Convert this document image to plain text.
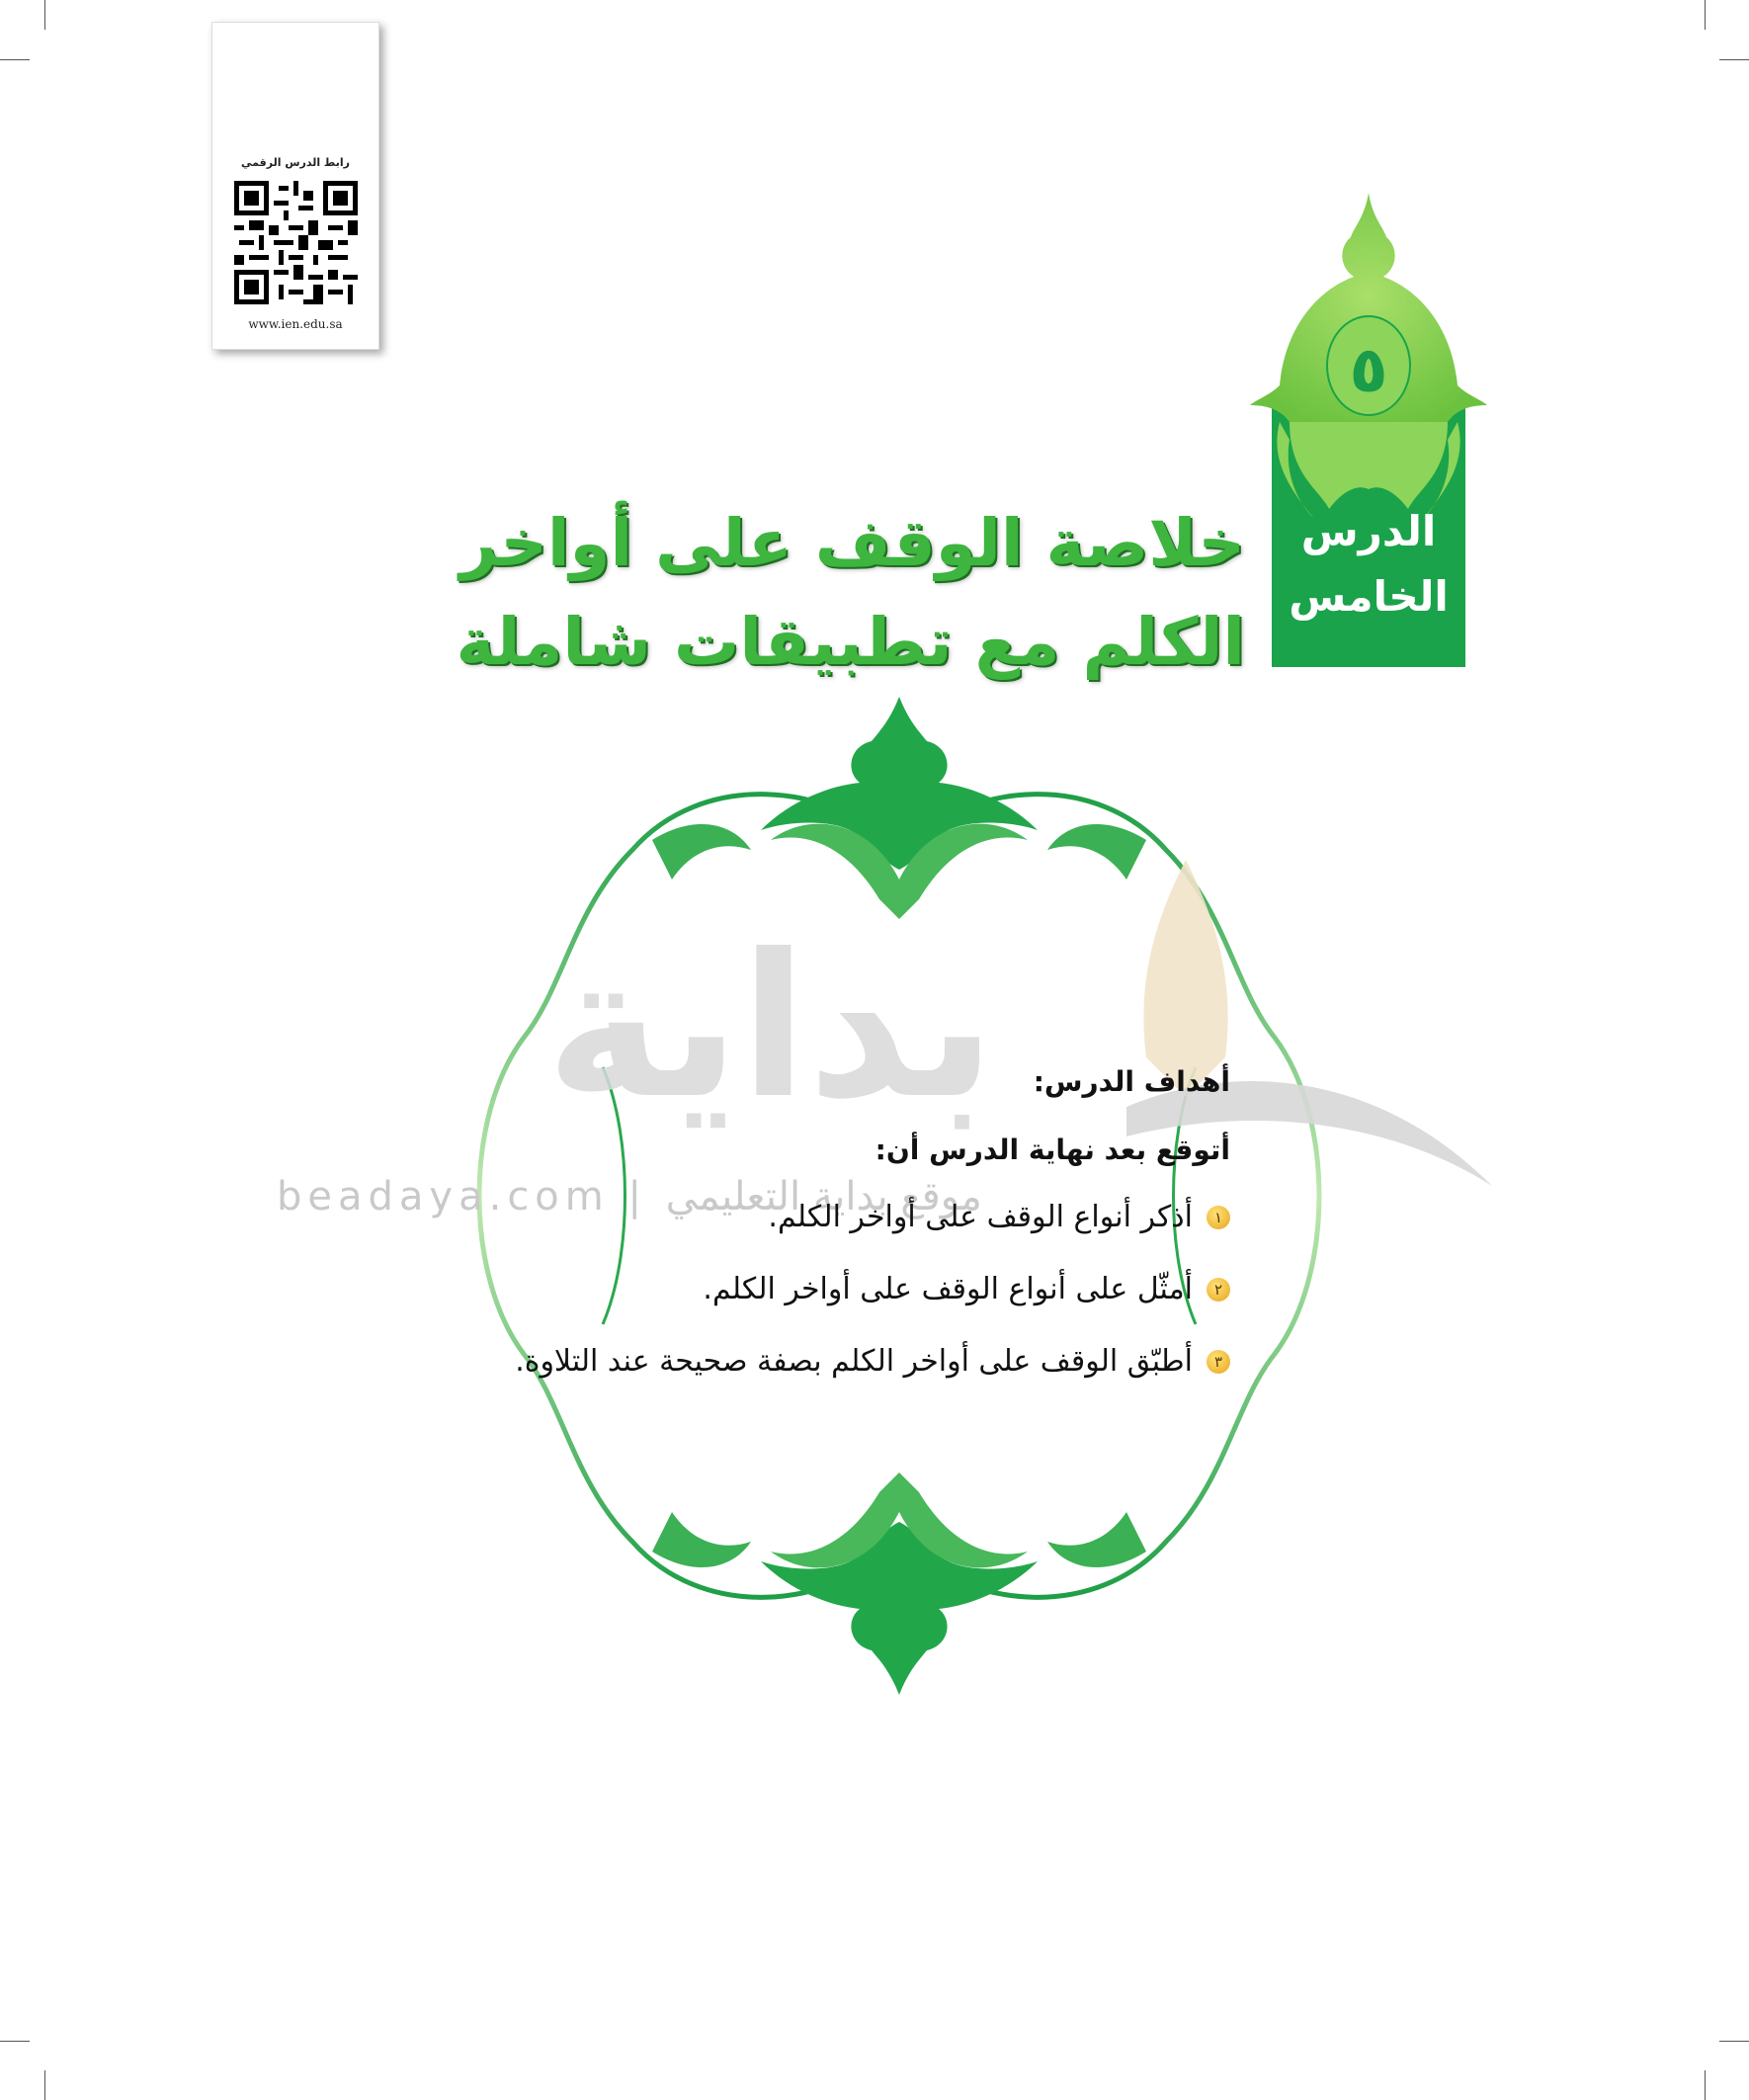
رابط الدرس الرقمي
www.ien.edu.sa
٥
الدرس
الخامس
خلاصة الوقف على أواخر
الكلم مع تطبيقات شاملة
بداية
beadaya.com | موقع بداية التعليمي
أهداف الدرس:
أتوقع بعد نهاية الدرس أن:
١
أذكر أنواع الوقف على أواخر الكلم.
٢
أمثّل على أنواع الوقف على أواخر الكلم.
٣
أطبّق الوقف على أواخر الكلم بصفة صحيحة عند التلاوة.
